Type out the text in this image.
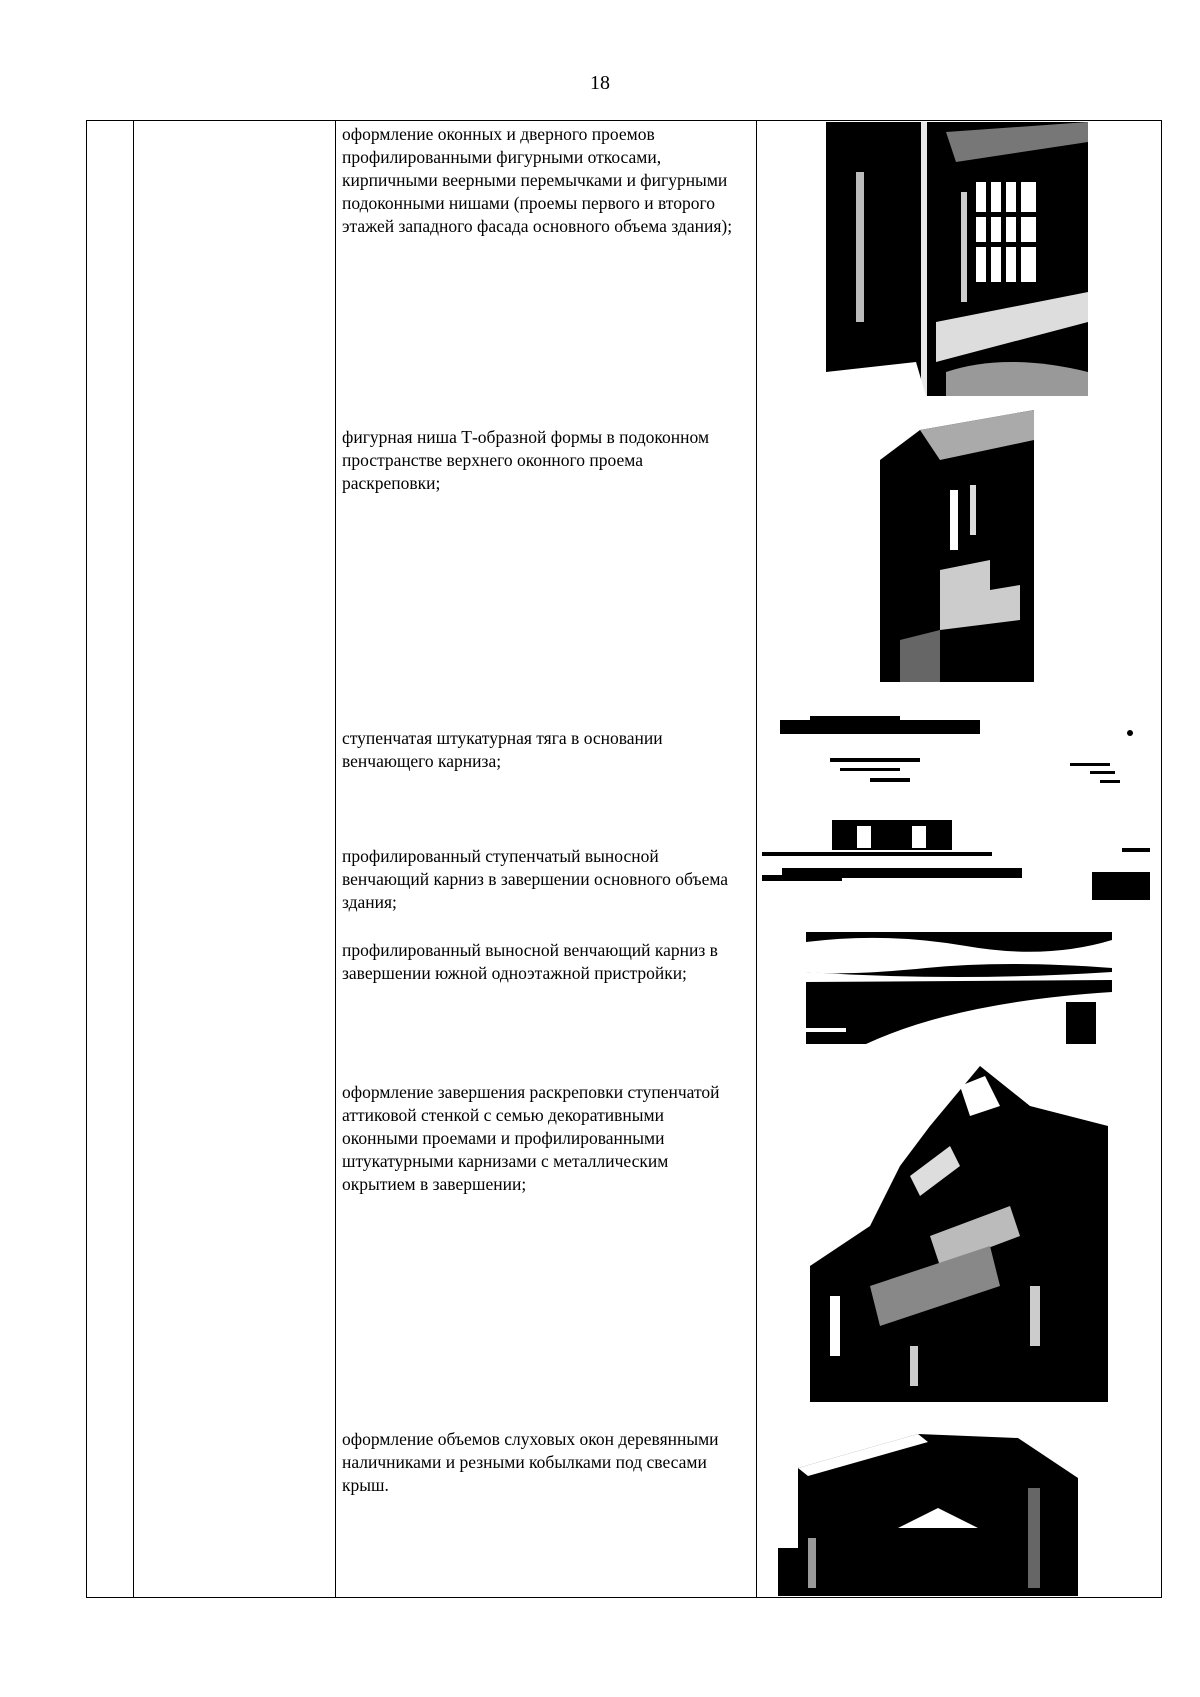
18
оформление оконных и дверного проемов профилированными фигурными откосами, кирпичными веерными перемычками и фигурными подоконными нишами (проемы первого и второго этажей западного фасада основного объема здания);
фигурная ниша Т-образной формы в подоконном пространстве верхнего оконного проема раскреповки;
ступенчатая штукатурная тяга в основании венчающего карниза;
профилированный ступенчатый выносной венчающий карниз в завершении основного объема здания;
профилированный выносной венчающий карниз в завершении южной одноэтажной пристройки;
оформление завершения раскреповки ступенчатой аттиковой стенкой с семью декоративными оконными проемами и профилированными штукатурными карнизами с металлическим окрытием в завершении;
оформление объемов слуховых окон деревянными наличниками и резными кобылками под свесами крыш.
